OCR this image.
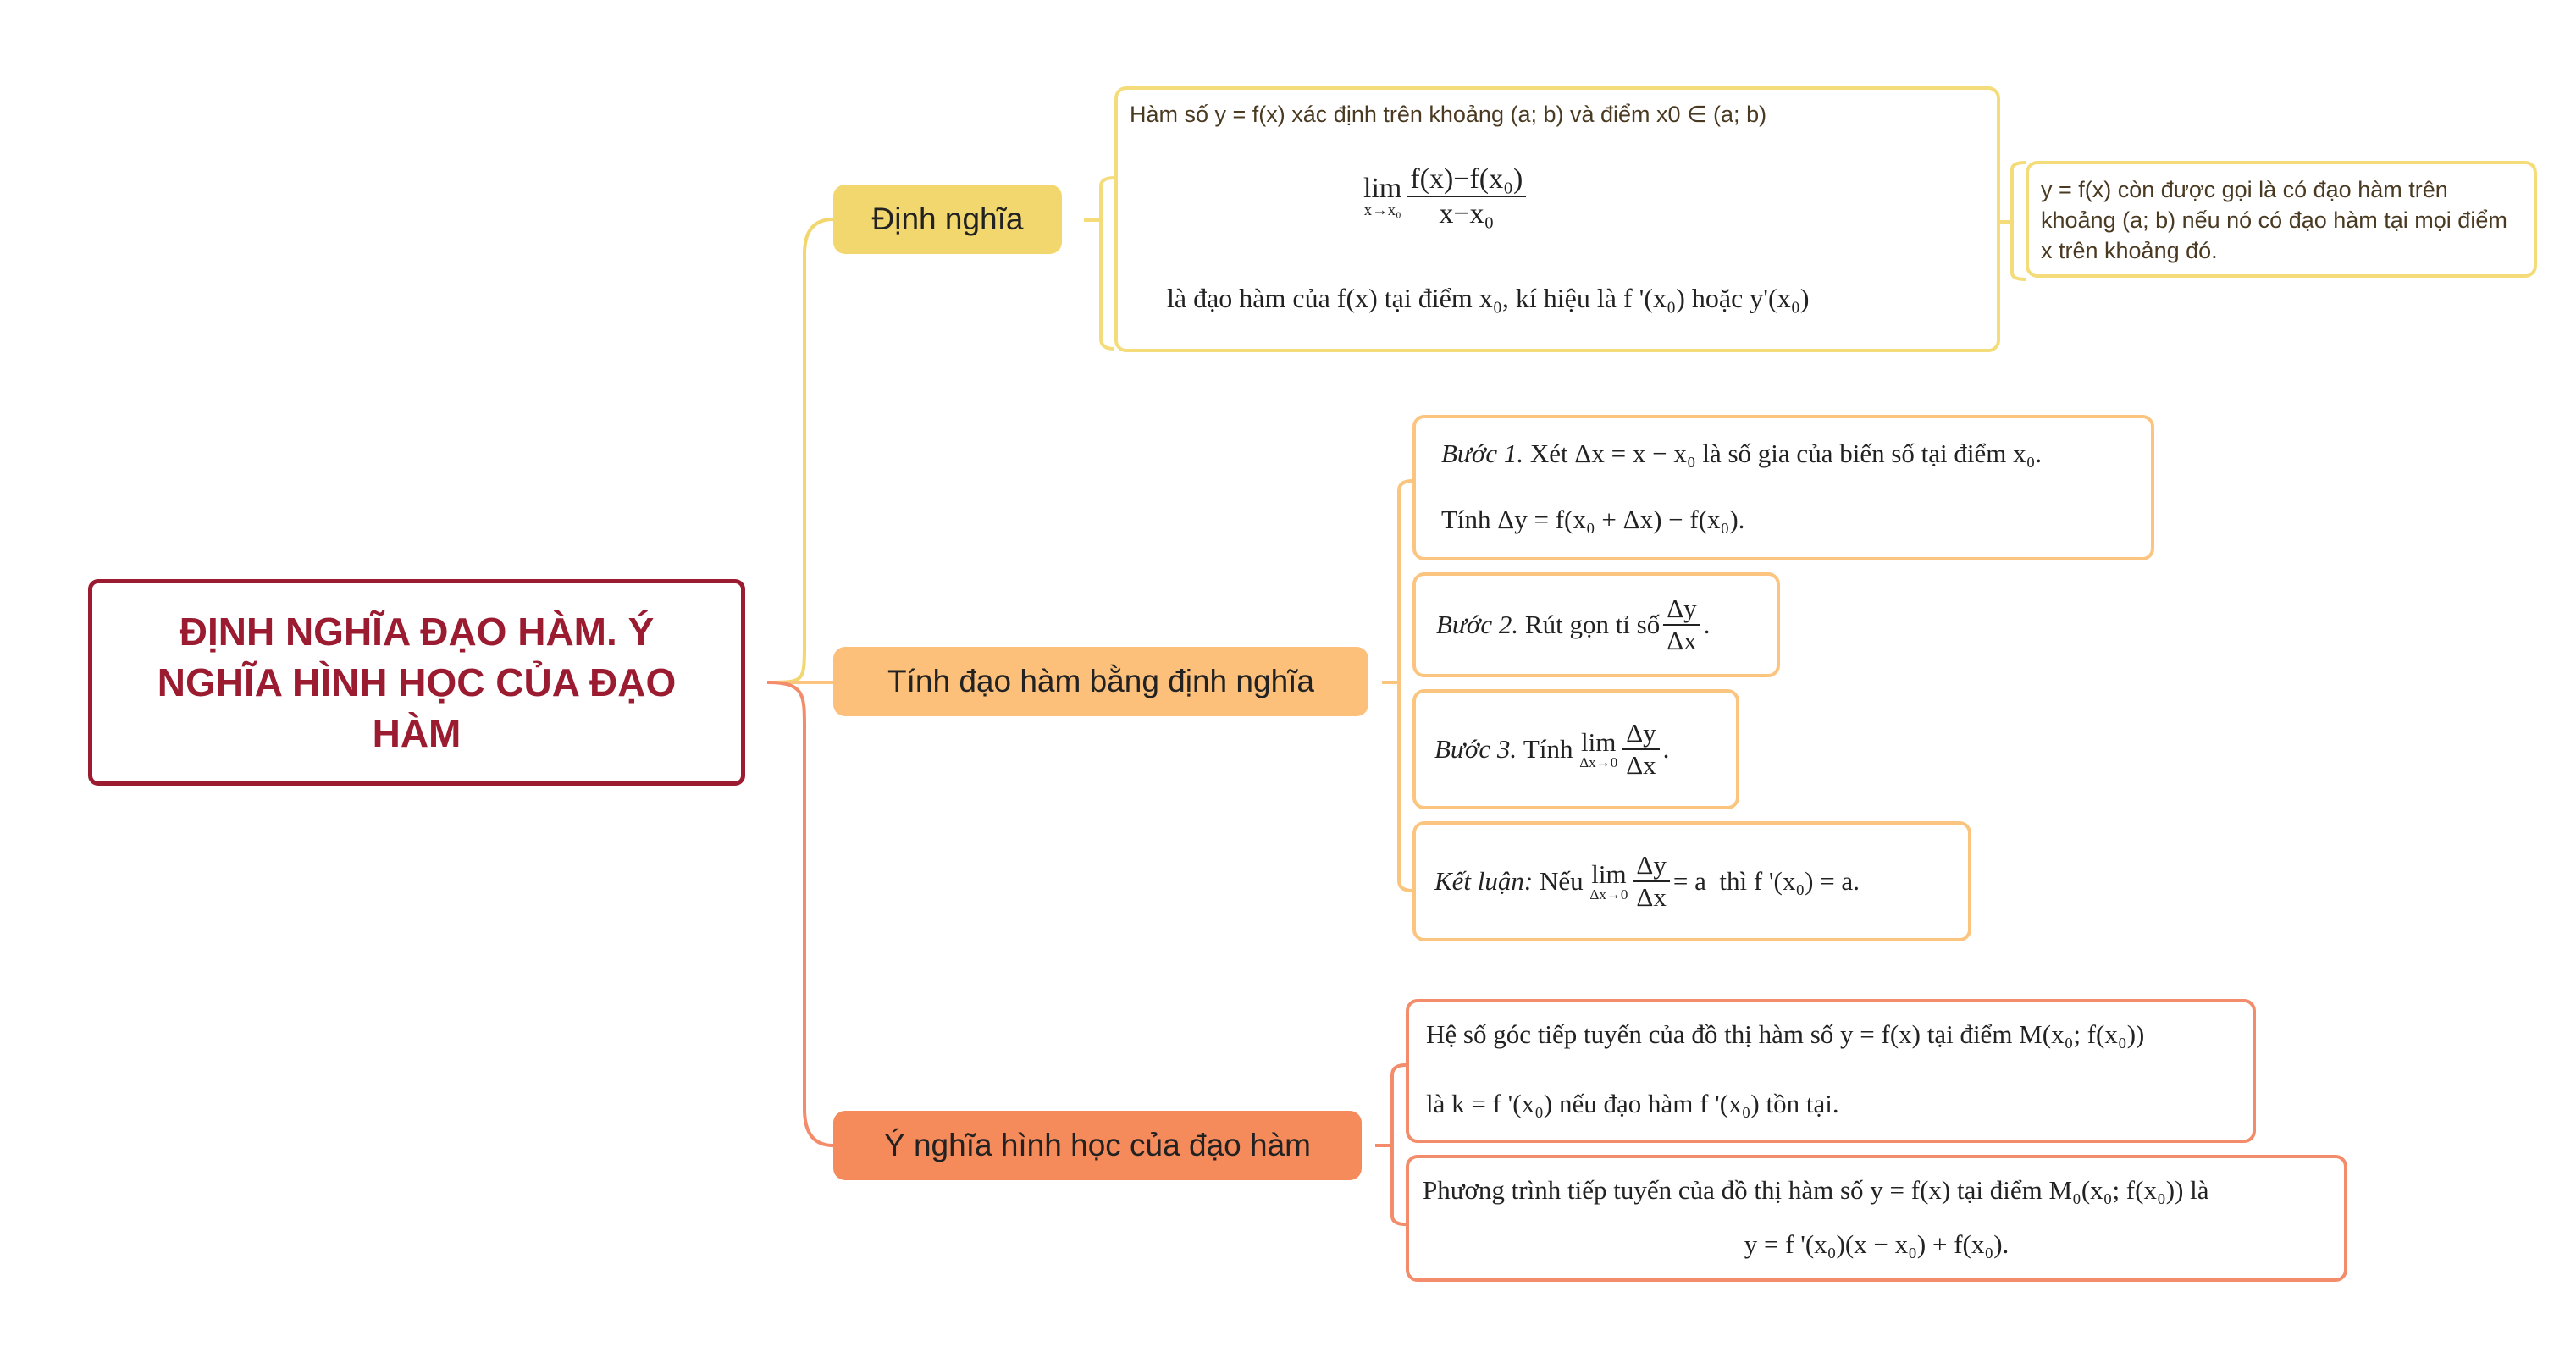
ĐỊNH NGHĨA ĐẠO HÀM. Ý NGHĨA HÌNH HỌC CỦA ĐẠO HÀM
Định nghĩa
Tính đạo hàm bằng định nghĩa
Ý nghĩa hình học của đạo hàm
Hàm số y = f(x) xác định trên khoảng (a; b) và điểm x0 ∈ (a; b)
lim
$x\to x_0 \frac{\text{f(x)−f(x₀)}}{\text{x−x₀}}$
là đạo hàm của f(x) tại điểm x₀, kí hiệu là f '(x₀) hoặc y'(x₀)
y = f(x) còn được gọi là có đạo hàm trên khoảng (a; b) nếu nó có đạo hàm tại mọi điểm x trên khoảng đó.
Bước 1. Xét Δx = x − x₀ là số gia của biến số tại điểm x₀.
Tính Δy = f(x₀ + Δx) − f(x₀).
Bước 2.
Rút gọn tỉ số $\frac{\Delta y}{\Delta x}$ .
Bước 3.
Tính
lim
$\Delta x\to 0 \frac{\Delta y}{\Delta x}$ .
Kết luận:
Nếu
lim
$\Delta x\to 0 \frac{\Delta y}{\Delta x} = a$
thì f '(x₀) = a.
Hệ số góc tiếp tuyến của đồ thị hàm số y = f(x) tại điểm M(x₀; f(x₀))
là k = f '(x₀) nếu đạo hàm f '(x₀) tồn tại.
Phương trình tiếp tuyến của đồ thị hàm số y = f(x) tại điểm M₀(x₀; f(x₀)) là
y = f '(x₀)(x − x₀) + f(x₀).
